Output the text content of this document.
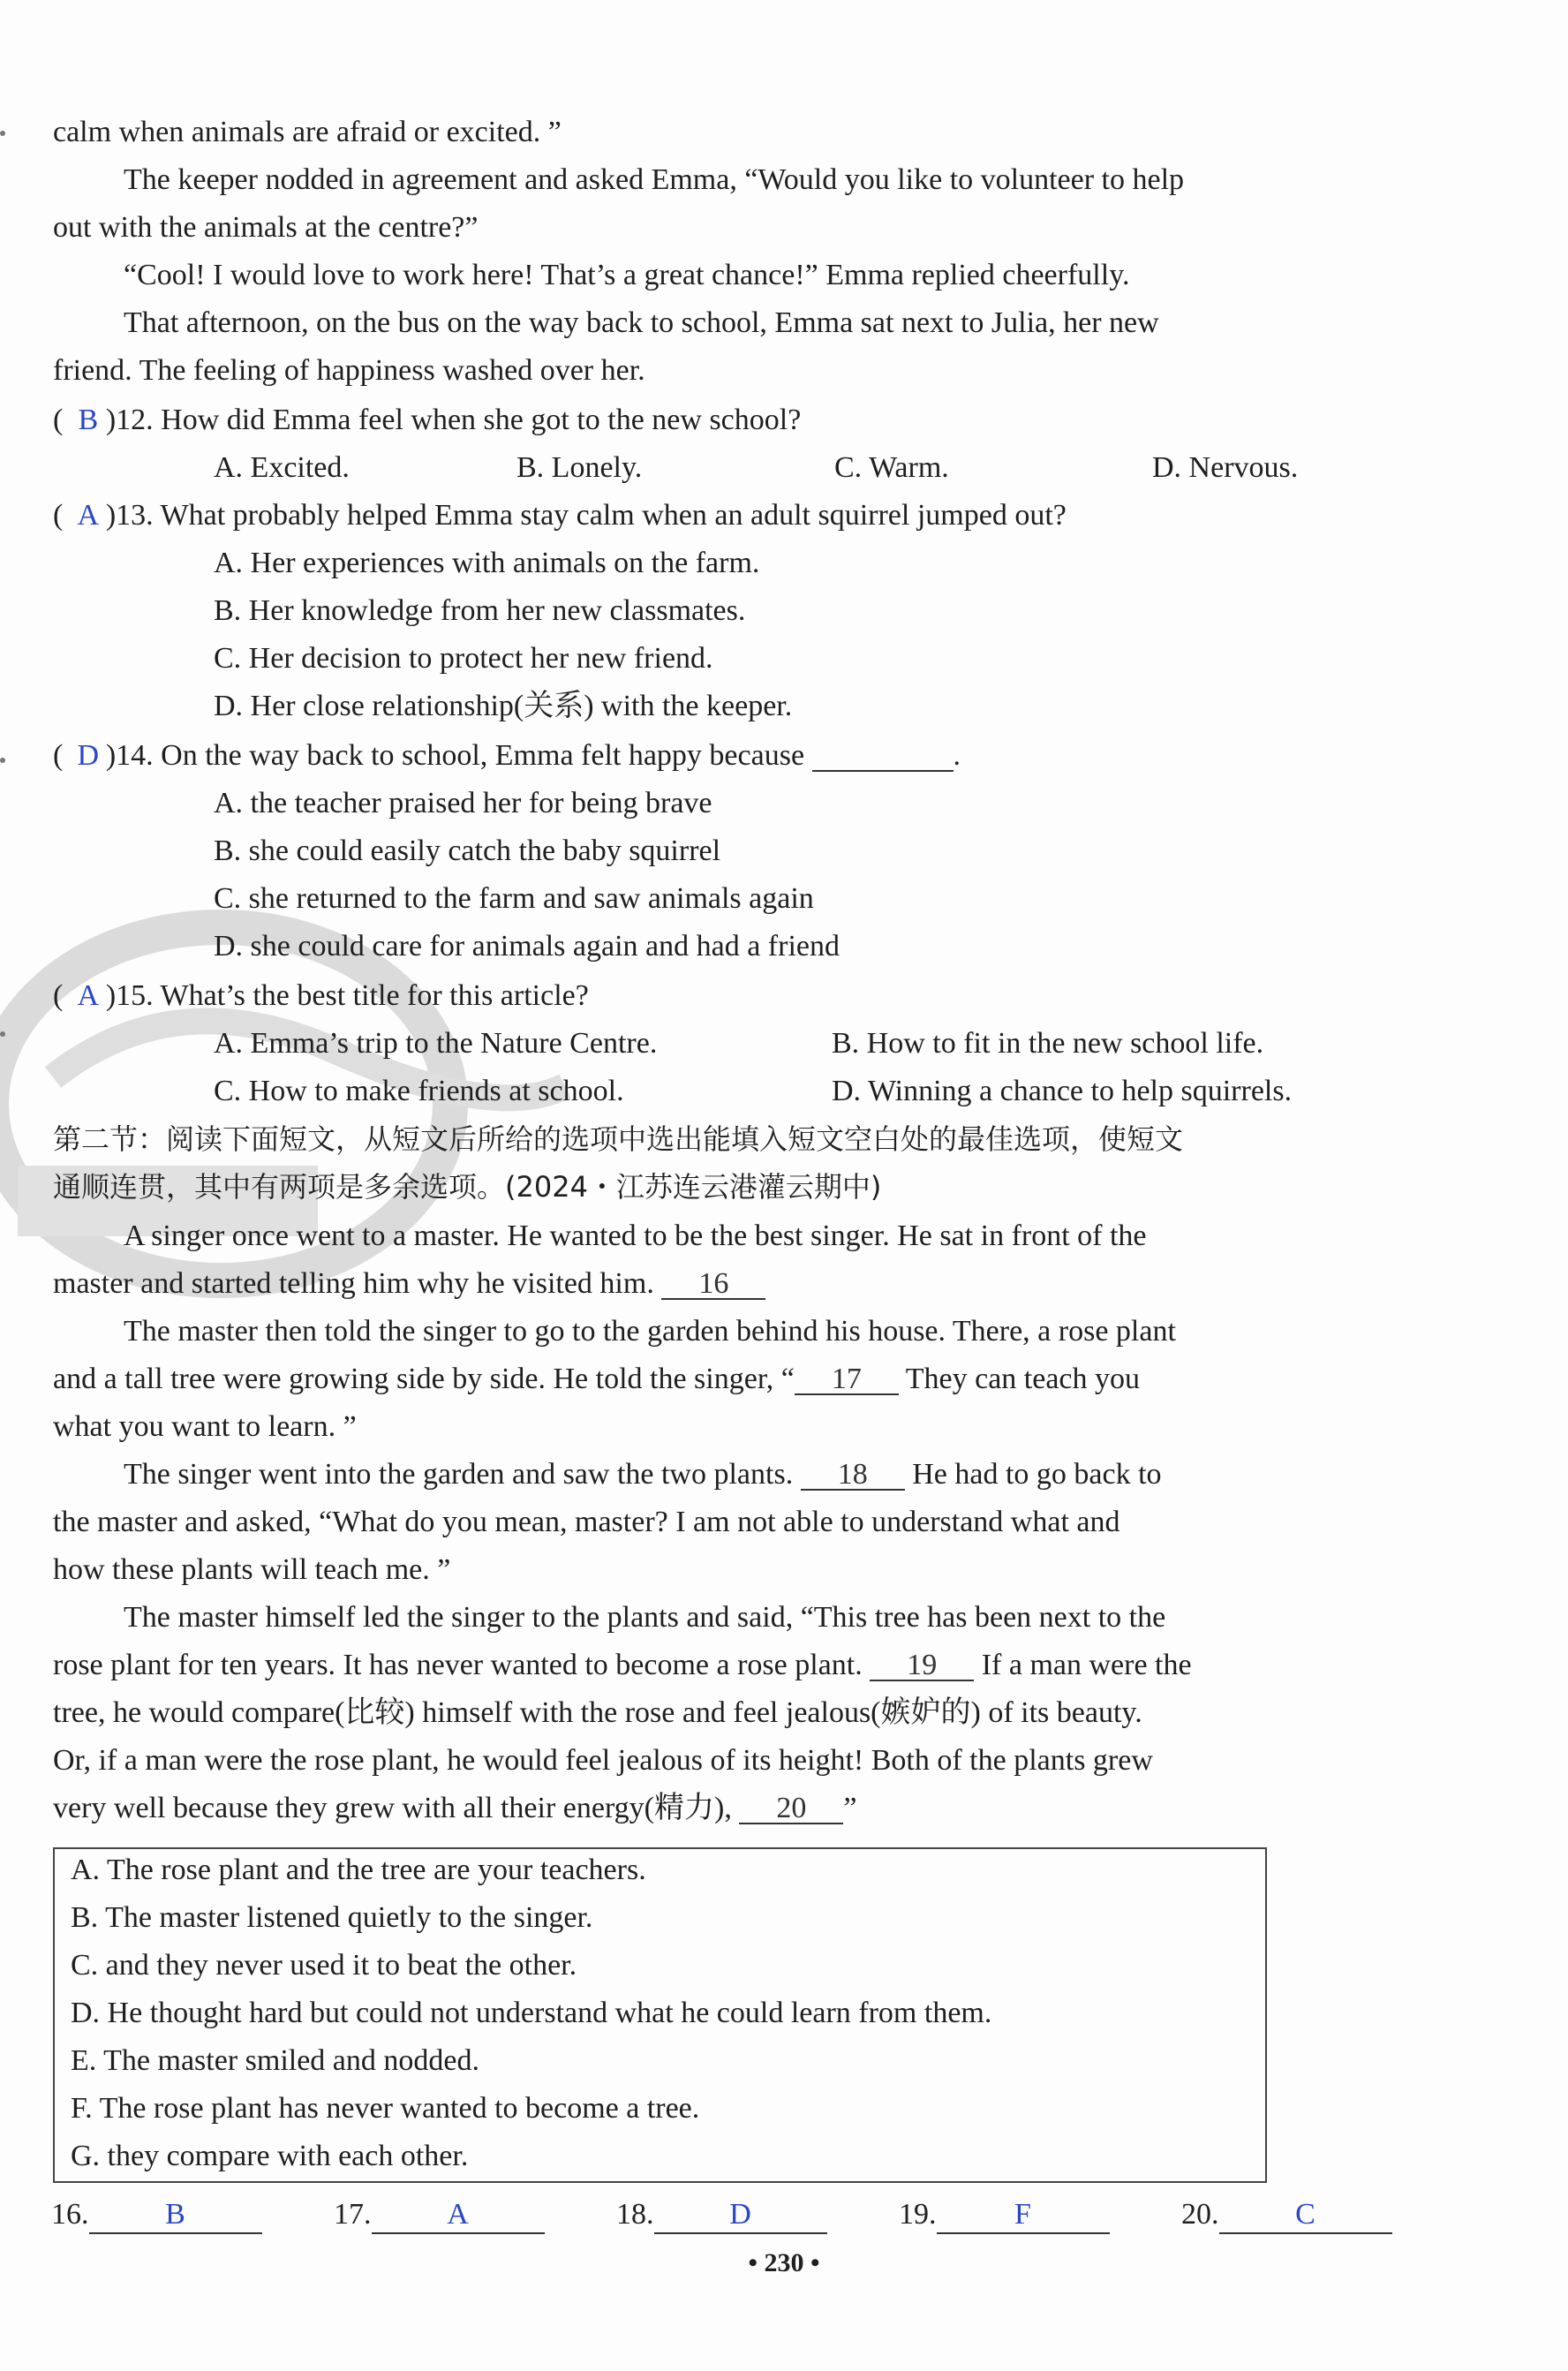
calm when animals are afraid or excited. ”
The keeper nodded in agreement and asked Emma, “Would you like to volunteer to help
out with the animals at the centre?”
“Cool! I would love to work here! That’s a great chance!” Emma replied cheerfully.
That afternoon, on the bus on the way back to school, Emma sat next to Julia, her new
friend. The feeling of happiness washed over her.
( B )12. How did Emma feel when she got to the new school?
A. Excited.	B. Lonely.	C. Warm.	D. Nervous.
( A )13. What probably helped Emma stay calm when an adult squirrel jumped out?
A. Her experiences with animals on the farm.
B. Her knowledge from her new classmates.
C. Her decision to protect her new friend.
D. Her close relationship(关系) with the keeper.
( D )14. On the way back to school, Emma felt happy because	.
A. the teacher praised her for being brave
B. she could easily catch the baby squirrel
C. she returned to the farm and saw animals again
D. she could care for animals again and had a friend
( A )15. What’s the best title for this article?
A. Emma’s trip to the Nature Centre.	B. How to fit in the new school life.
C. How to make friends at school.	D. Winning a chance to help squirrels.
第二节：阅读下面短文，从短文后所给的选项中选出能填入短文空白处的最佳选项，使短文
通顺连贯，其中有两项是多余选项。(2024・江苏连云港灌云期中)
A singer once went to a master. He wanted to be the best singer. He sat in front of the
master and started telling him why he visited him. 16
The master then told the singer to go to the garden behind his house. There, a rose plant
and a tall tree were growing side by side. He told the singer, “ 17 They can teach you
what you want to learn. ”
The singer went into the garden and saw the two plants. 18 He had to go back to
the master and asked, “What do you mean, master? I am not able to understand what and
how these plants will teach me. ”
The master himself led the singer to the plants and said, “This tree has been next to the
rose plant for ten years. It has never wanted to become a rose plant. 19 If a man were the
tree, he would compare(比较) himself with the rose and feel jealous(嫉妒的) of its beauty.
Or, if a man were the rose plant, he would feel jealous of its height! Both of the plants grew
very well because they grew with all their energy(精力), 20 ”
A. The rose plant and the tree are your teachers.
B. The master listened quietly to the singer.
C. and they never used it to beat the other.
D. He thought hard but could not understand what he could learn from them.
E. The master smiled and nodded.
F. The rose plant has never wanted to become a tree.
G. they compare with each other.
16.	B	17.	A	18.	D	19.	F	20.	C
• 230 •
